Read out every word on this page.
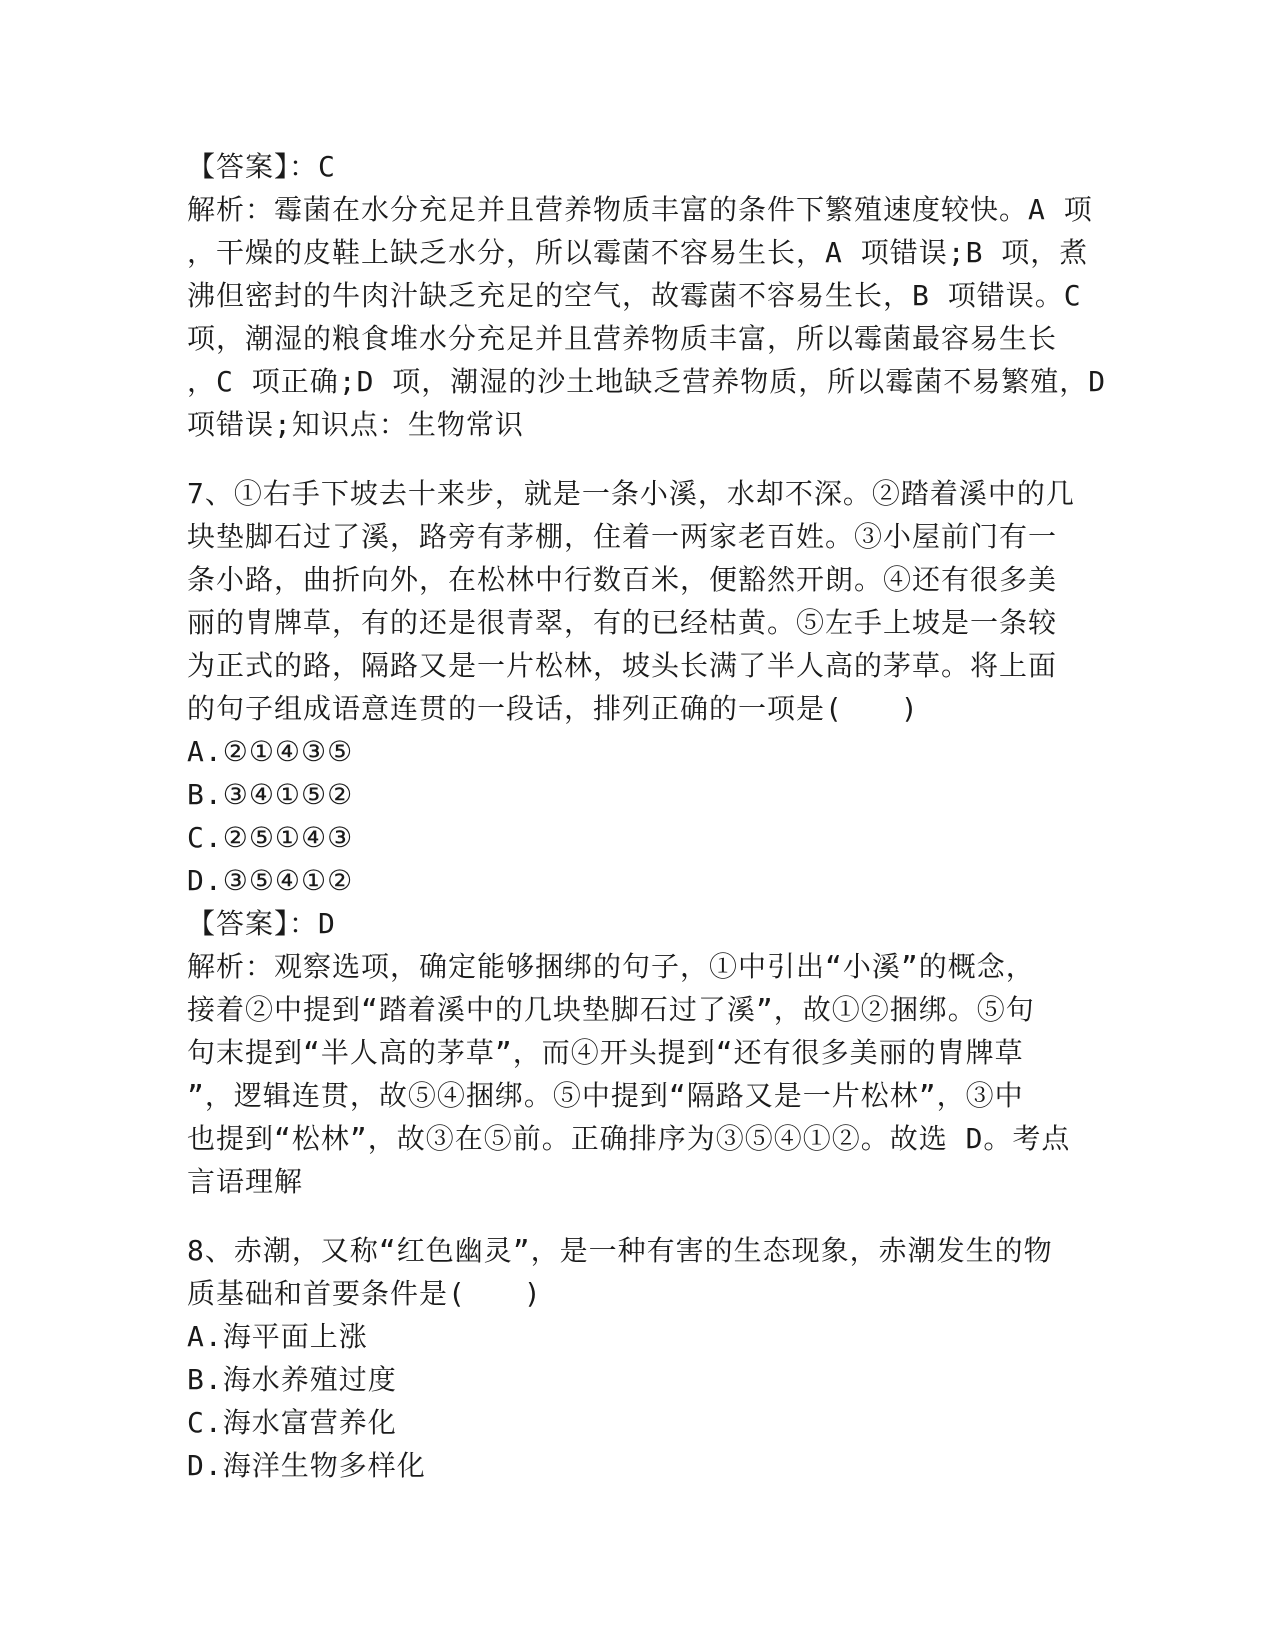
【答案】：C
解析：霉菌在水分充足并且营养物质丰富的条件下繁殖速度较快。A 项
，干燥的皮鞋上缺乏水分，所以霉菌不容易生长，A 项错误;B 项，煮
沸但密封的牛肉汁缺乏充足的空气，故霉菌不容易生长，B 项错误。C
项，潮湿的粮食堆水分充足并且营养物质丰富，所以霉菌最容易生长
，C 项正确;D 项，潮湿的沙土地缺乏营养物质，所以霉菌不易繁殖，D
项错误;知识点：生物常识
7、①右手下坡去十来步，就是一条小溪，水却不深。②踏着溪中的几
块垫脚石过了溪，路旁有茅棚，住着一两家老百姓。③小屋前门有一
条小路，曲折向外，在松林中行数百米，便豁然开朗。④还有很多美
丽的胄牌草，有的还是很青翠，有的已经枯黄。⑤左手上坡是一条较
为正式的路，隔路又是一片松林，坡头长满了半人高的茅草。将上面
的句子组成语意连贯的一段话，排列正确的一项是(　　)
A.②①④③⑤
B.③④①⑤②
C.②⑤①④③
D.③⑤④①②
【答案】：D
解析：观察选项，确定能够捆绑的句子，①中引出“小溪”的概念，
接着②中提到“踏着溪中的几块垫脚石过了溪”，故①②捆绑。⑤句
句末提到“半人高的茅草”，而④开头提到“还有很多美丽的胄牌草
”，逻辑连贯，故⑤④捆绑。⑤中提到“隔路又是一片松林”，③中
也提到“松林”，故③在⑤前。正确排序为③⑤④①②。故选 D。考点
言语理解
8、赤潮，又称“红色幽灵”，是一种有害的生态现象，赤潮发生的物
质基础和首要条件是(　　)
A.海平面上涨
B.海水养殖过度
C.海水富营养化
D.海洋生物多样化
